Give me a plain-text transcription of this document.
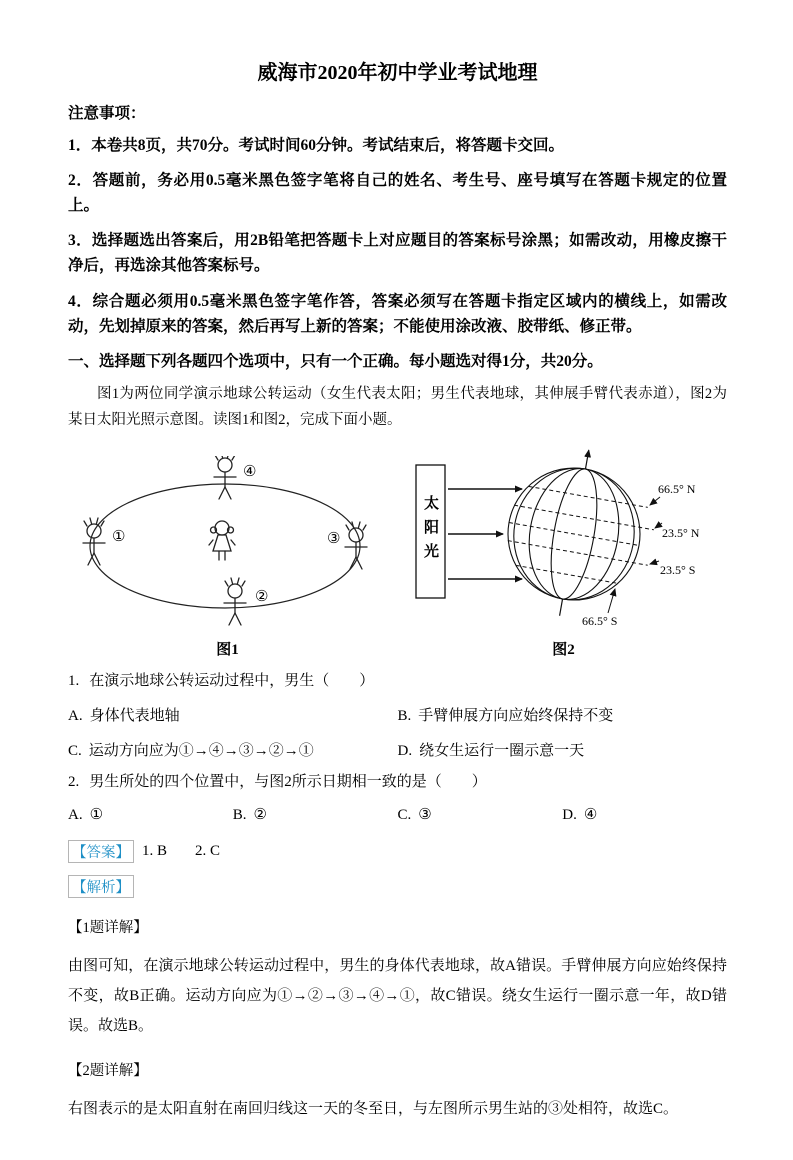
威海市2020年初中学业考试地理

注意事项：

1．本卷共8页，共70分。考试时间60分钟。考试结束后，将答题卡交回。

2．答题前，务必用0.5毫米黑色签字笔将自己的姓名、考生号、座号填写在答题卡规定的位置上。

3．选择题选出答案后，用2B铅笔把答题卡上对应题目的答案标号涂黑；如需改动，用橡皮擦干净后，再选涂其他答案标号。

4．综合题必须用0.5毫米黑色签字笔作答，答案必须写在答题卡指定区域内的横线上，如需改动，先划掉原来的答案，然后再写上新的答案；不能使用涂改液、胶带纸、修正带。

一、选择题下列各题四个选项中，只有一个正确。每小题选对得1分，共20分。

图1为两位同学演示地球公转运动（女生代表太阳；男生代表地球，其伸展手臂代表赤道），图2为某日太阳光照示意图。读图1和图2，完成下面小题。

①
②
③
④
图1
66.5° N
23.5° N
23.5° S
66.5° S
太阳光
图2

1. 在演示地球公转运动过程中，男生（　　）

A. 身体代表地轴	B. 手臂伸展方向应始终保持不变
C. 运动方向应为①→④→③→②→①	D. 绕女生运行一圈示意一天

2. 男生所处的四个位置中，与图2所示日期相一致的是（　　）

A. ①	B. ②	C. ③	D. ④
【答案】 1. B 2. C
【解析】

【1题详解】

由图可知，在演示地球公转运动过程中，男生的身体代表地球，故A错误。手臂伸展方向应始终保持不变，故B正确。运动方向应为①→②→③→④→①，故C错误。绕女生运行一圈示意一年，故D错误。故选B。

【2题详解】

右图表示的是太阳直射在南回归线这一天的冬至日，与左图所示男生站的③处相符，故选C。
